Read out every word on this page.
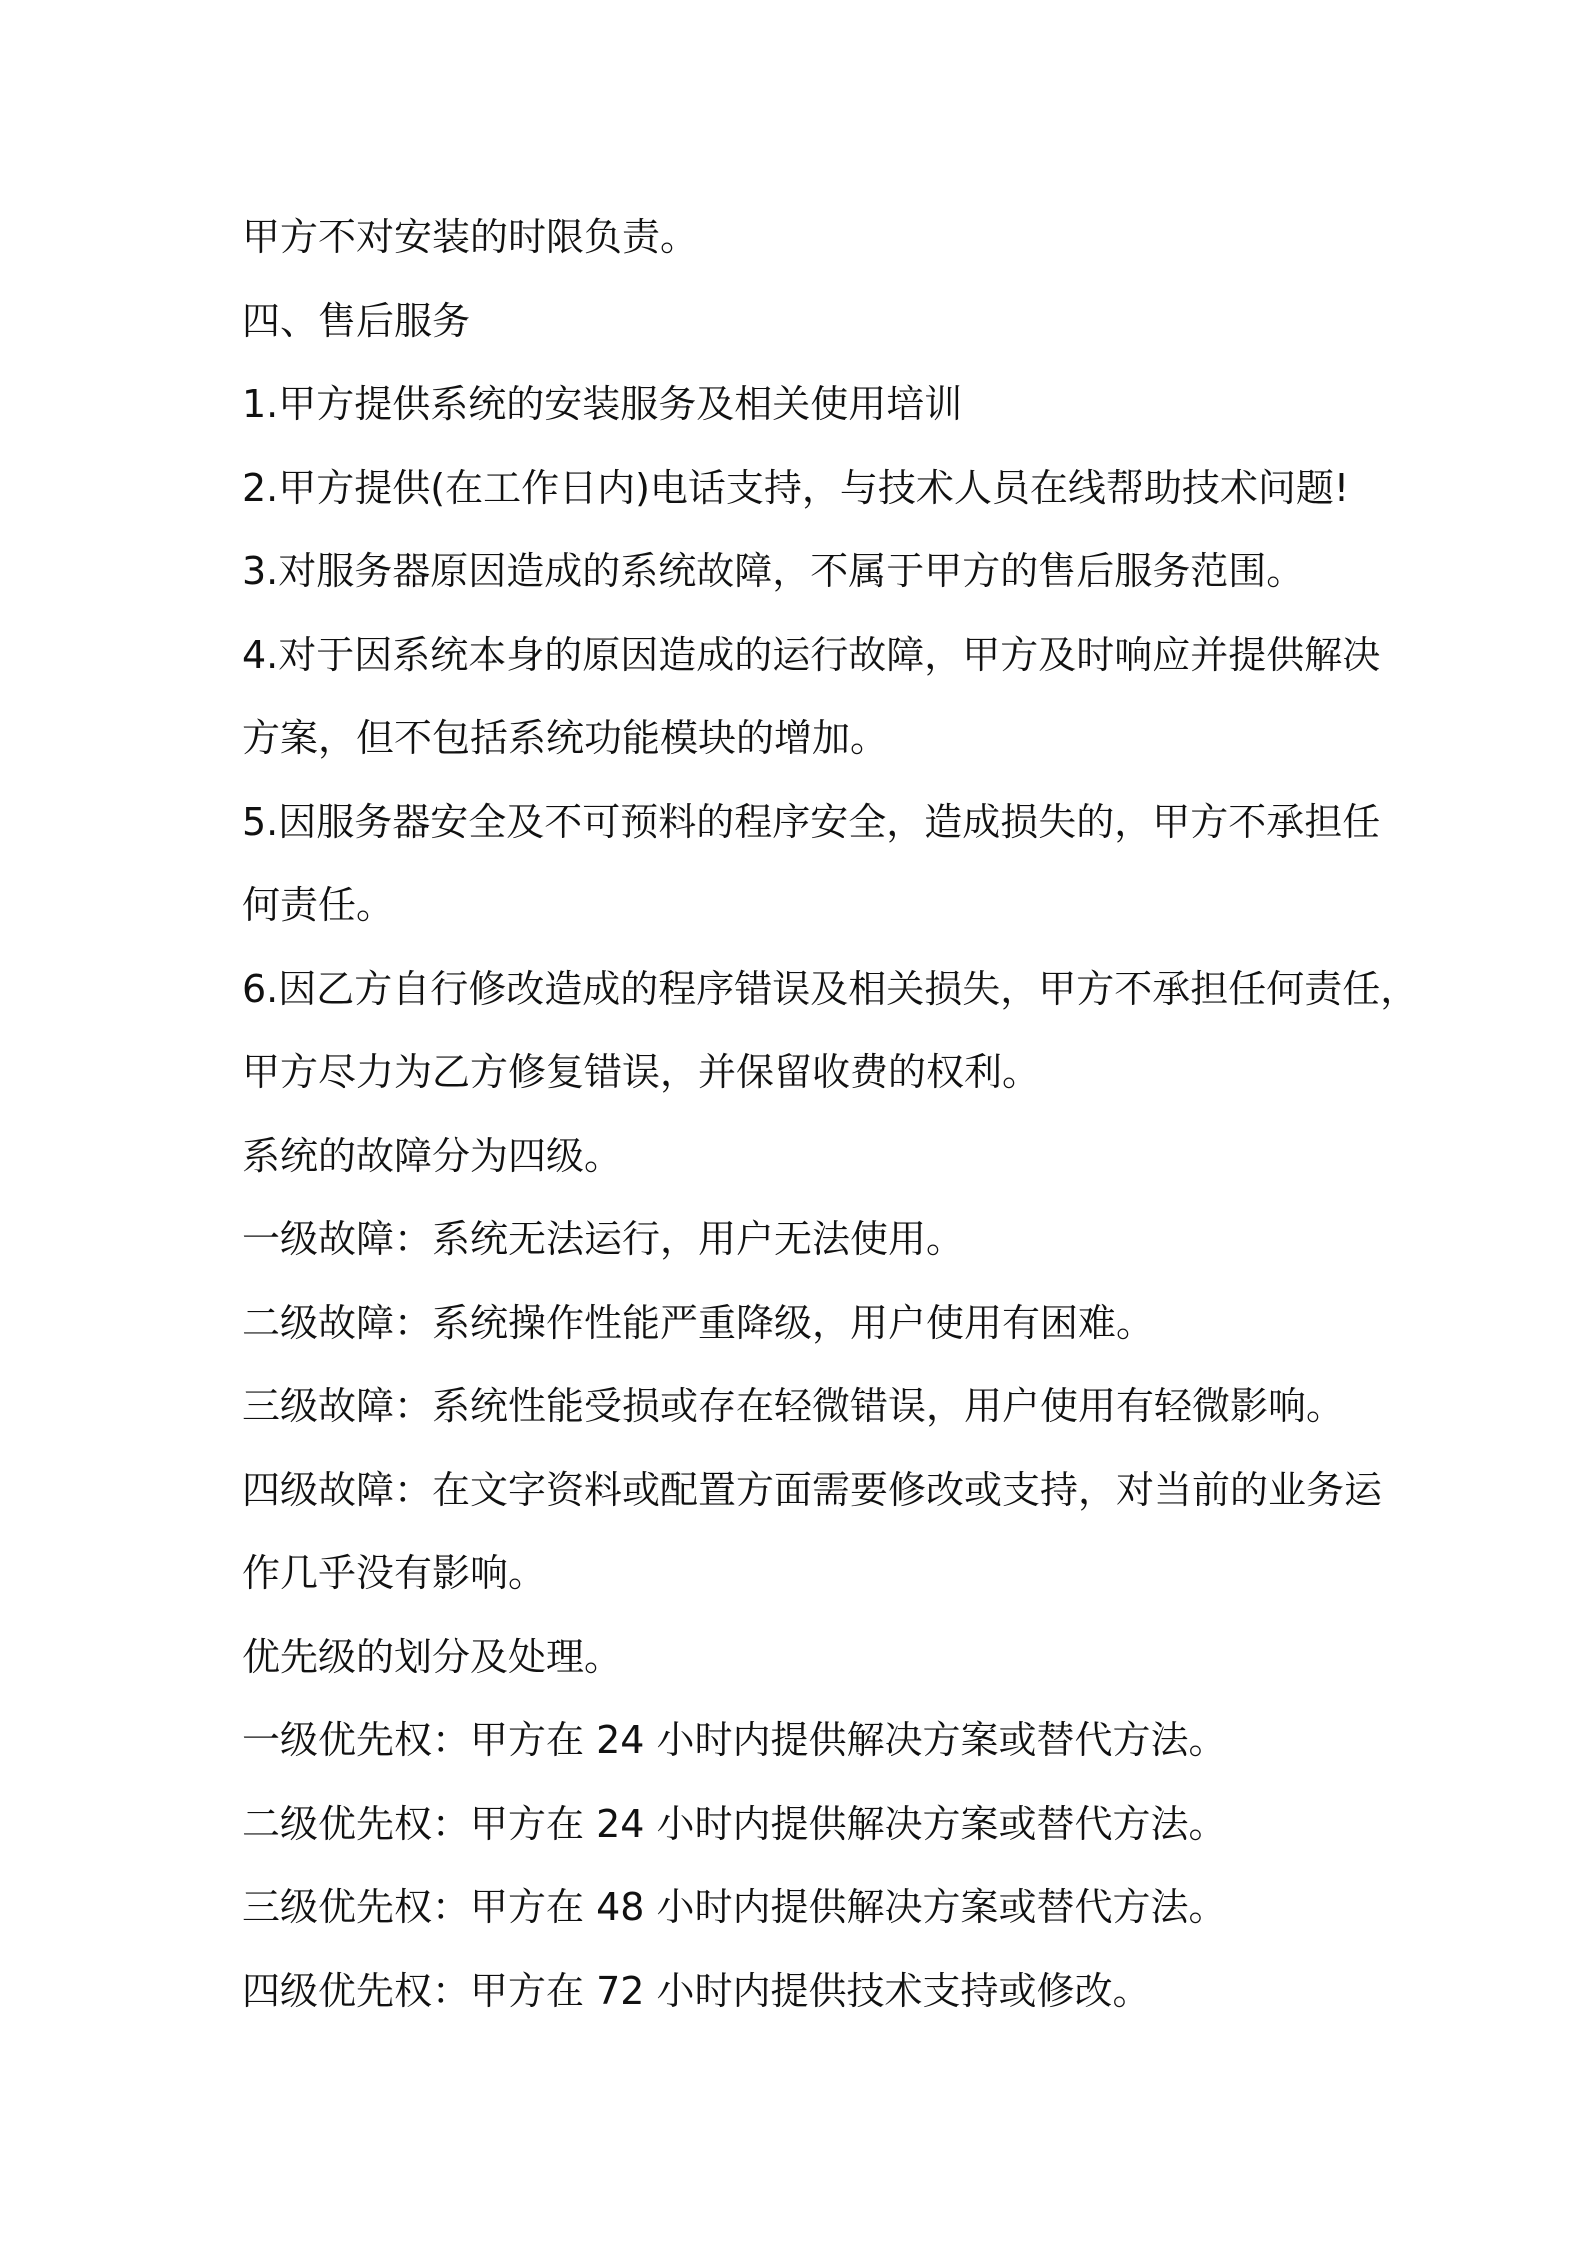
甲方不对安装的时限负责。

四、售后服务

1.甲方提供系统的安装服务及相关使用培训

2.甲方提供(在工作日内)电话支持，与技术人员在线帮助技术问题!

3.对服务器原因造成的系统故障，不属于甲方的售后服务范围。

4.对于因系统本身的原因造成的运行故障，甲方及时响应并提供解决

方案，但不包括系统功能模块的增加。

5.因服务器安全及不可预料的程序安全，造成损失的，甲方不承担任

何责任。

6.因乙方自行修改造成的程序错误及相关损失，甲方不承担任何责任，

甲方尽力为乙方修复错误，并保留收费的权利。

系统的故障分为四级。

一级故障：系统无法运行，用户无法使用。

二级故障：系统操作性能严重降级，用户使用有困难。

三级故障：系统性能受损或存在轻微错误，用户使用有轻微影响。

四级故障：在文字资料或配置方面需要修改或支持，对当前的业务运

作几乎没有影响。

优先级的划分及处理。

一级优先权：甲方在 24 小时内提供解决方案或替代方法。

二级优先权：甲方在 24 小时内提供解决方案或替代方法。

三级优先权：甲方在 48 小时内提供解决方案或替代方法。

四级优先权：甲方在 72 小时内提供技术支持或修改。
